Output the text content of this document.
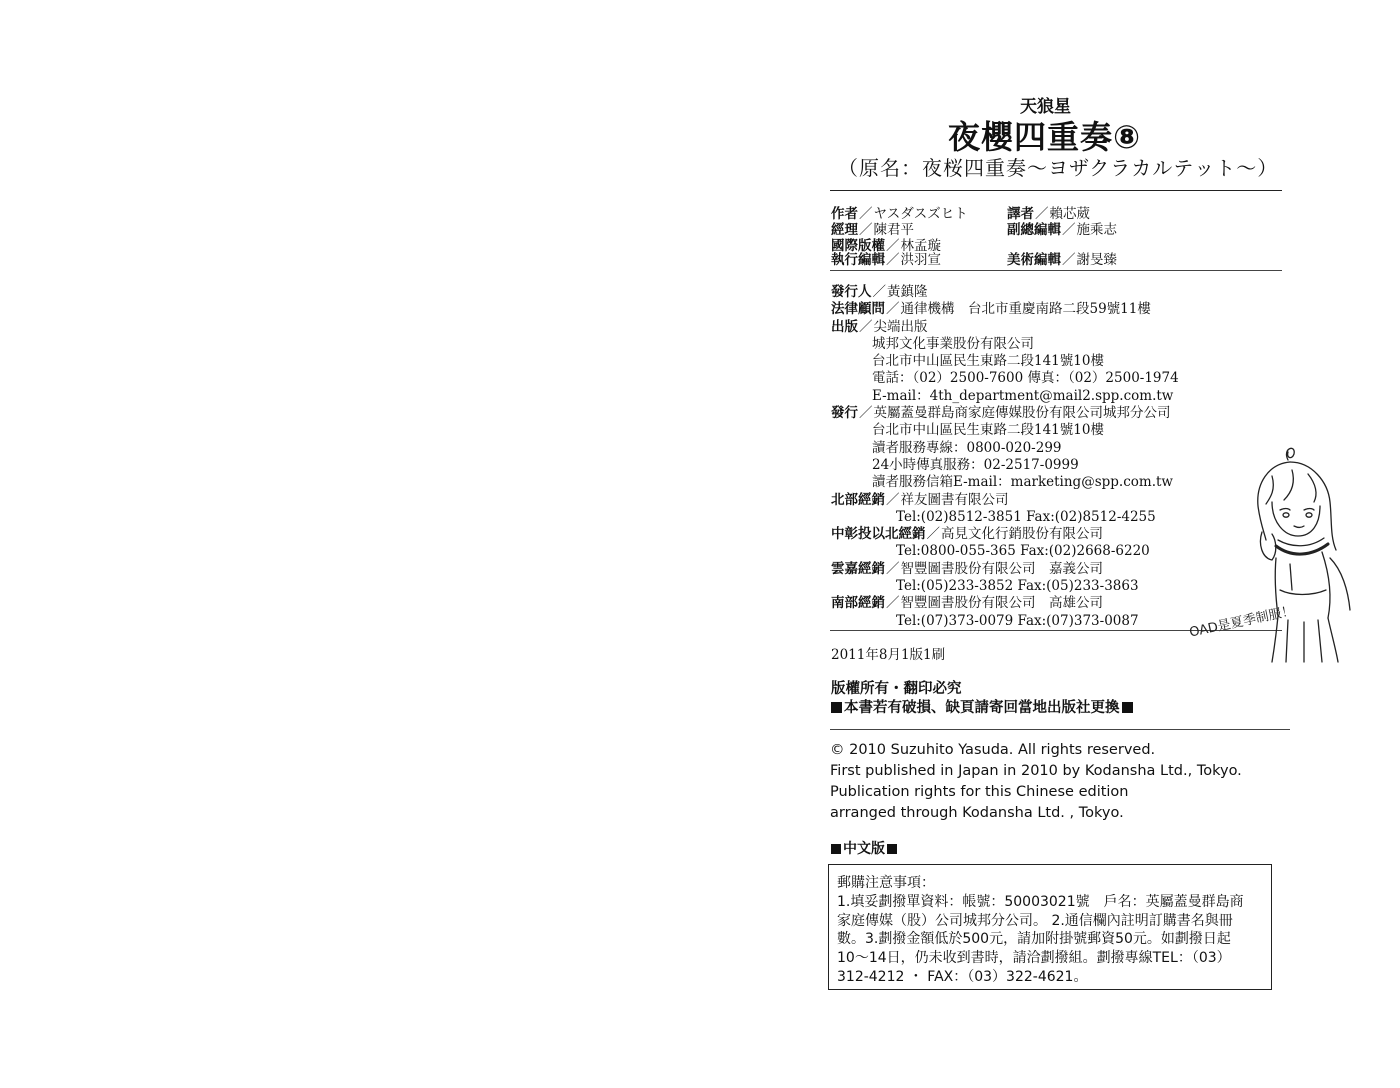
天狼星
夜櫻四重奏⑧
（原名：夜桜四重奏～ヨザクラカルテット～）
作者／ヤスダスズヒト	譯者／賴芯葳
經理／陳君平	副總編輯／施乘志
國際版權／林孟璇
執行編輯／洪羽宣	美術編輯／謝旻臻
發行人／黃鎮隆
法律顧問／通律機構　台北市重慶南路二段59號11樓
出版／尖端出版
城邦文化事業股份有限公司
台北市中山區民生東路二段141號10樓
電話：（02）2500-7600 傳真：（02）2500-1974
E-mail：4th_department@mail2.spp.com.tw
發行／英屬蓋曼群島商家庭傳媒股份有限公司城邦分公司
台北市中山區民生東路二段141號10樓
讀者服務專線：0800-020-299
24小時傳真服務：02-2517-0999
讀者服務信箱E-mail：marketing@spp.com.tw
北部經銷／祥友圖書有限公司
Tel:(02)8512-3851 Fax:(02)8512-4255
中彰投以北經銷／高見文化行銷股份有限公司
Tel:0800-055-365 Fax:(02)2668-6220
雲嘉經銷／智豐圖書股份有限公司　嘉義公司
Tel:(05)233-3852 Fax:(05)233-3863
南部經銷／智豐圖書股份有限公司　高雄公司
Tel:(07)373-0079 Fax:(07)373-0087
2011年8月1版1刷
版權所有・翻印必究
本書若有破損、缺頁請寄回當地出版社更換
© 2010 Suzuhito Yasuda. All rights reserved.
First published in Japan in 2010 by Kodansha Ltd., Tokyo.
Publication rights for this Chinese edition
arranged through Kodansha Ltd. , Tokyo.
中文版
郵購注意事項：
1.填妥劃撥單資料：帳號：50003021號　戶名：英屬蓋曼群島商
家庭傳媒（股）公司城邦分公司。 2.通信欄內註明訂購書名與冊
數。3.劃撥金額低於500元，請加附掛號郵資50元。如劃撥日起
10～14日，仍未收到書時，請洽劃撥組。劃撥專線TEL：（03）
312-4212 ・ FAX：（03）322-4621。
OAD是夏季制服！
